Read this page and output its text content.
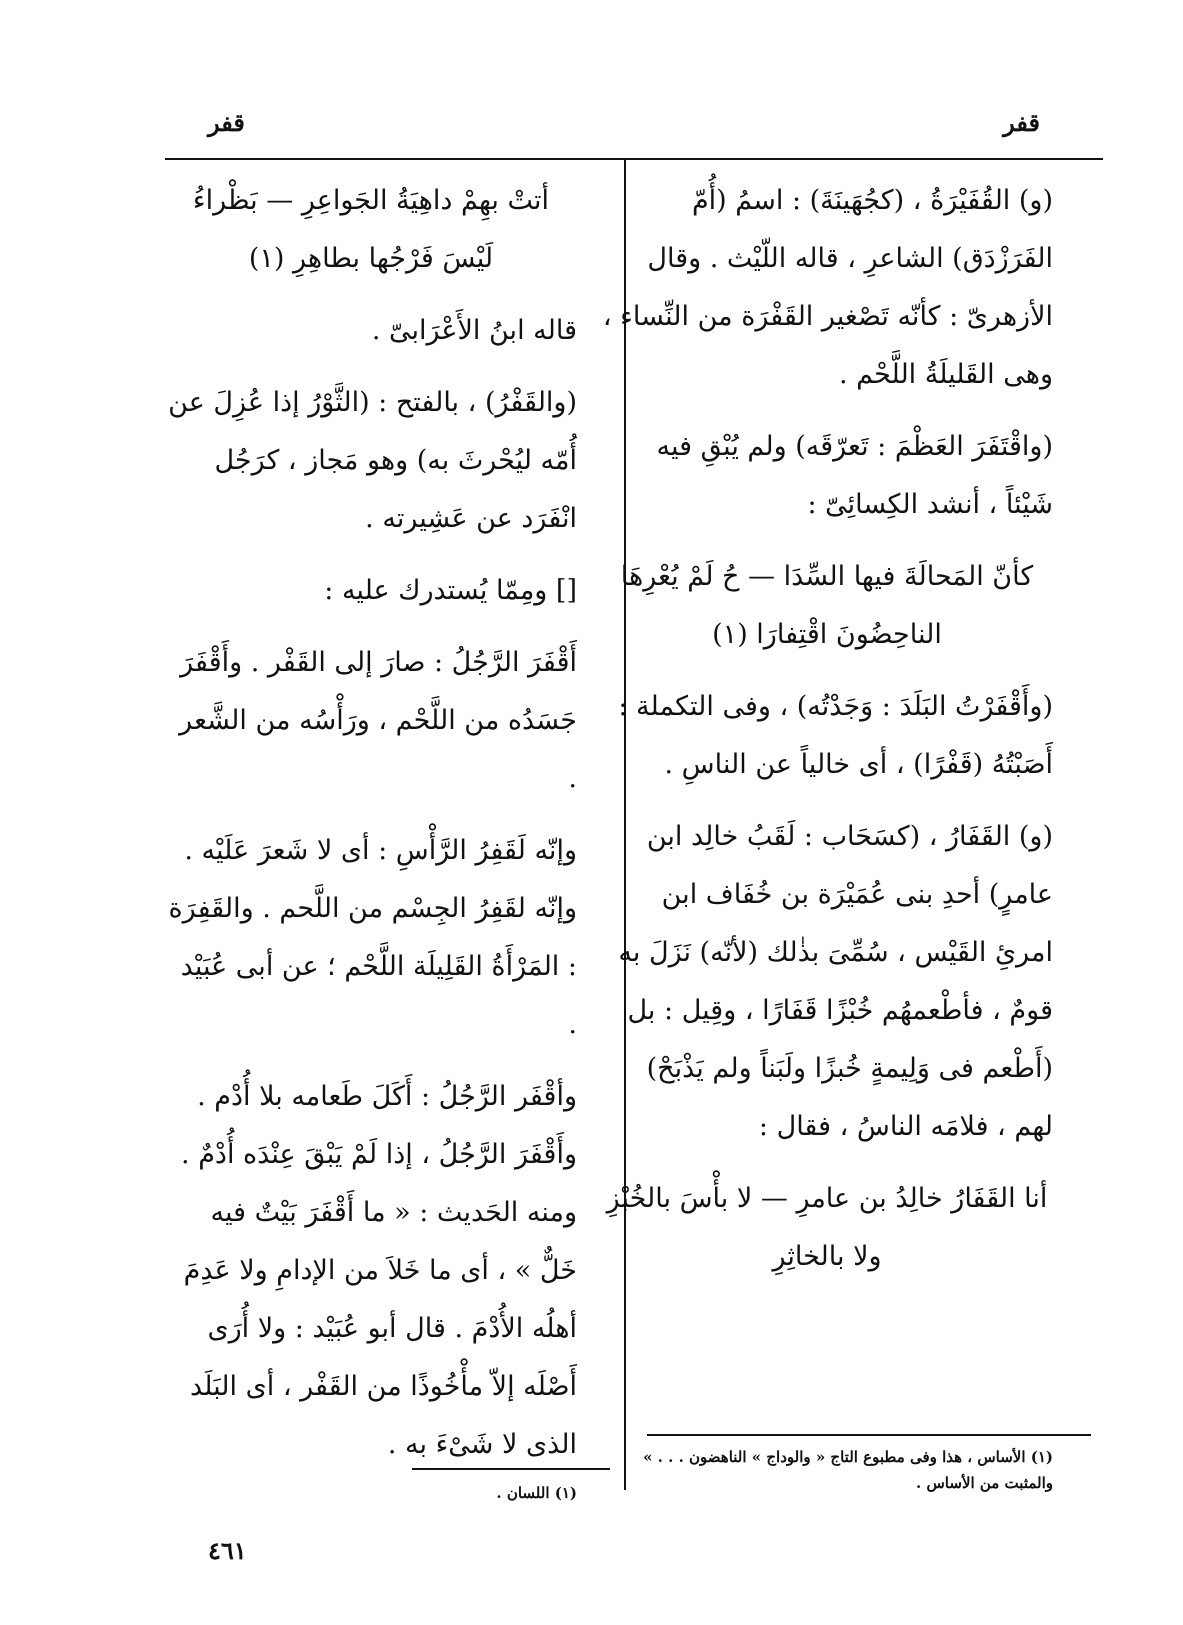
قفر	قفر

(و) القُفَيْرَةُ ، (كجُهَينَةَ) : اسمُ (أُمّ الفَرَزْدَق) الشاعرِ ، قاله اللّيْث . وقال الأزهرىّ : كأنّه تَصْغير القَفْرَة من النِّساء ، وهى القَليلَةُ اللَّحْم .

(واقْتَفَرَ العَظْمَ : تَعرّقَه) ولم يُبْقِ فيه شَيْئاً ، أنشد الكِسائِىّ :

كأنّ المَحالَةَ فيها السِّدَا — حُ لَمْ يُعْرِهَا الناحِضُونَ اقْتِفارَا (١)

(وأَقْفَرْتُ البَلَدَ : وَجَدْتُه) ، وفى التكملة : أَصَبْتُهُ (قَفْرًا) ، أى خالياً عن الناسِ .

(و) القَفَارُ ، (كسَحَاب : لَقَبُ خالِد ابن عامرٍ) أحدِ بنى عُمَيْرَة بن خُفَاف ابن امرئِ القَيْس ، سُمِّىَ بذٰلك (لأنّه) نَزَلَ به قومٌ ، فأطْعمهُم خُبْزًا قَفَارًا ، وقِيل : بل (أَطْعم فى وَلِيمةٍ خُبزًا ولَبَناً ولم يَذْبَحْ) لهم ، فلامَه الناسُ ، فقال :

أنا القَفَارُ خالِدُ بن عامرِ — لا بأْسَ بالخُبْزِ ولا بالخاثِرِ

أتتْ بهِمْ داهِيَةُ الجَواعِرِ — بَظْراءُ لَيْسَ فَرْجُها بطاهِرِ (١)

قاله ابنُ الأَعْرَابىّ .

(والقَفْرُ) ، بالفتح : (الثَّوْرُ إذا عُزِلَ عن أُمّه ليُحْرثَ به) وهو مَجاز ، كرَجُل انْفَرَد عن عَشِيرته .

[] ومِمّا يُستدرك عليه :

أَقْفَرَ الرَّجُلُ : صارَ إلى القَفْر . وأَقْفَرَ جَسَدُه من اللَّحْم ، ورَأْسُه من الشَّعر .

وإنّه لَقَفِرُ الرَّأْسِ : أى لا شَعرَ عَلَيْه . وإنّه لقَفِرُ الجِسْم من اللَّحم . والقَفِرَة : المَرْأَةُ القَلِيلَة اللَّحْم ؛ عن أبى عُبَيْد .

وأقْفَر الرَّجُلُ : أَكَلَ طَعامه بلا أُدْم . وأَقْفَرَ الرَّجُلُ ، إذا لَمْ يَبْقَ عِنْدَه أُدْمٌ . ومنه الحَديث : « ما أَقْفَرَ بَيْتٌ فيه خَلٌّ » ، أى ما خَلاَ من الإدامِ ولا عَدِمَ أهلُه الأُدْمَ . قال أبو عُبَيْد : ولا أُرَى أَصْلَه إلاّ مأْخُوذًا من القَفْر ، أى البَلَد الذى لا شَىْءَ به .	(١) الأساس ، هذا وفى مطبوع التاج « والوداج » الناهضون . . . » والمثبت من الأساس .
(١) اللسان .
٤٦١
